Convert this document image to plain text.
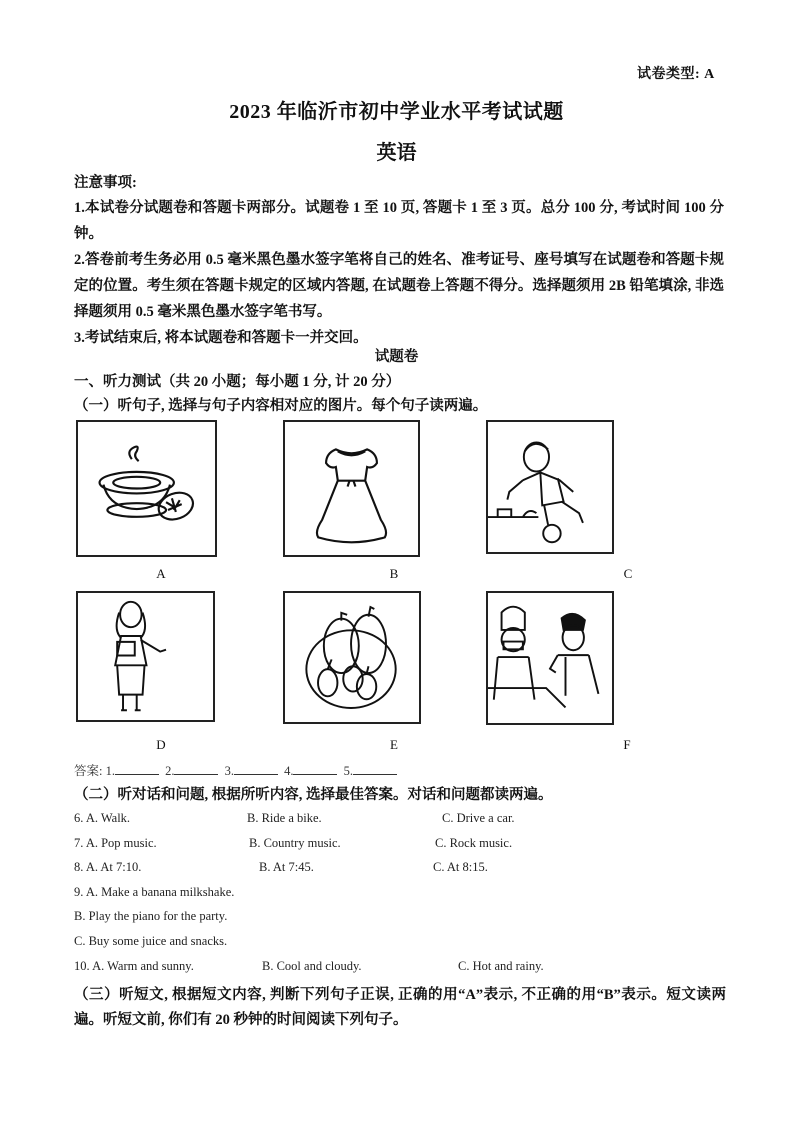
试卷类型: A
2023 年临沂市初中学业水平考试试题
英语
注意事项:

1.本试卷分试题卷和答题卡两部分。试题卷 1 至 10 页, 答题卡 1 至 3 页。总分 100 分, 考试时间 100 分钟。

2.答卷前考生务必用 0.5 毫米黑色墨水签字笔将自己的姓名、准考证号、座号填写在试题卷和答题卡规定的位置。考生须在答题卡规定的区域内答题, 在试题卷上答题不得分。选择题须用 2B 铅笔填涂, 非选择题须用 0.5 毫米黑色墨水签字笔书写。

3.考试结束后, 将本试题卷和答题卡一并交回。

试题卷
一、听力测试（共 20 小题；每小题 1 分, 计 20 分）
（一）听句子, 选择与句子内容相对应的图片。每个句子读两遍。
A	B	C
D	E	F
答案: 1.	2.	3.	4.	5.
（二）听对话和问题, 根据所听内容, 选择最佳答案。对话和问题都读两遍。
6. A. Walk.	B. Ride a bike.	C. Drive a car.
7. A. Pop music.	B. Country music.	C. Rock music.
8. A. At 7:10.	B. At 7:45.	C. At 8:15.
9. A. Make a banana milkshake.
B. Play the piano for the party.
C. Buy some juice and snacks.
10. A. Warm and sunny.	B. Cool and cloudy.	C. Hot and rainy.
（三）听短文, 根据短文内容, 判断下列句子正误, 正确的用“A”表示, 不正确的用“B”表示。短文读两遍。听短文前, 你们有 20 秒钟的时间阅读下列句子。
